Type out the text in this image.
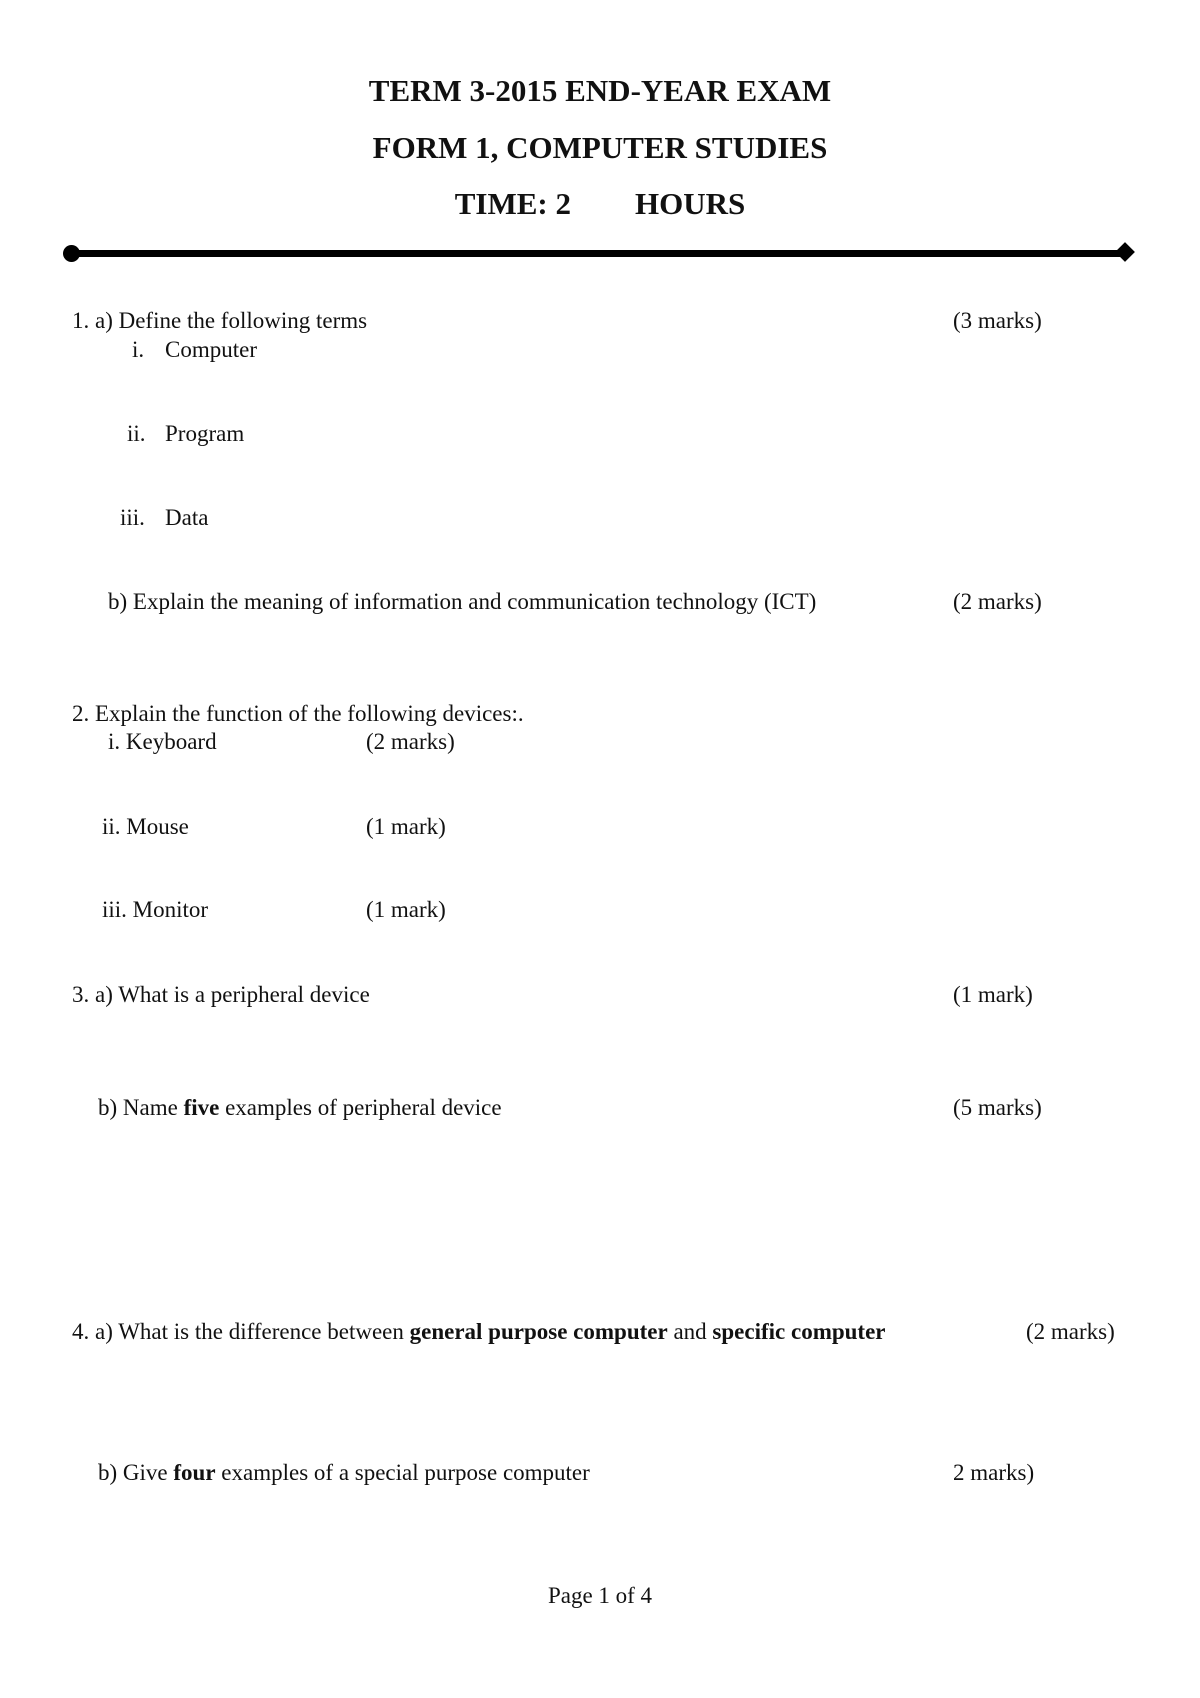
TERM 3-2015 END-YEAR EXAM
FORM 1, COMPUTER STUDIES
TIME: 2 HOURS
1. a) Define the following terms	(3 marks)
i. Computer
ii. Program
iii. Data
b) Explain the meaning of information and communication technology (ICT)	(2 marks)
2. Explain the function of the following devices:.
i. Keyboard	(2 marks)
ii. Mouse	(1 mark)
iii. Monitor	(1 mark)
3. a) What is a peripheral device	(1 mark)
b) Name five examples of peripheral device	(5 marks)
4. a) What is the difference between general purpose computer and specific computer	(2 marks)
b) Give four examples of a special purpose computer	2 marks)
Page 1 of 4
